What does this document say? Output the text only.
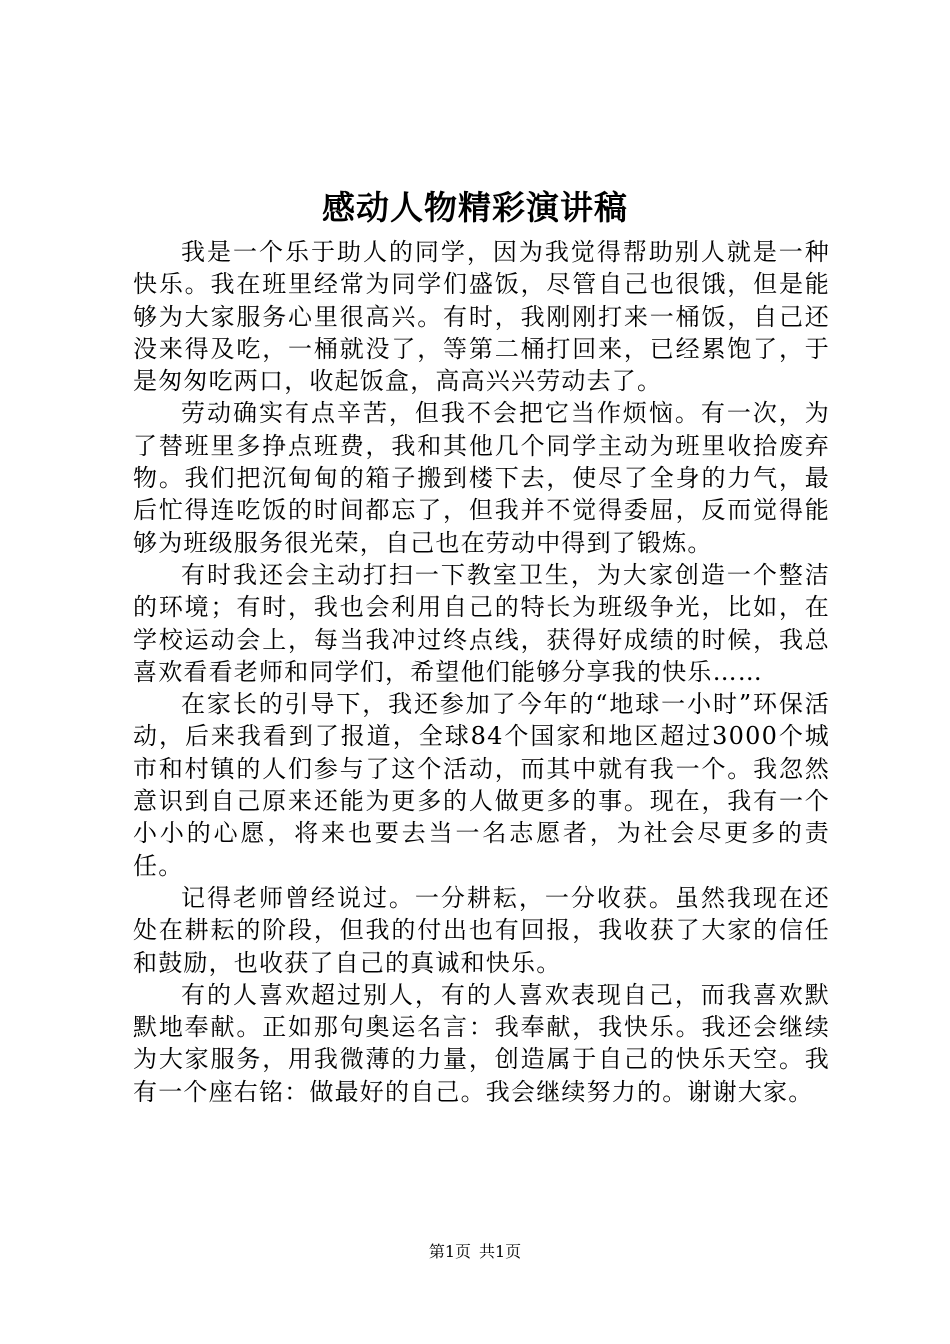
感动人物精彩演讲稿

我是一个乐于助人的同学，因为我觉得帮助别人就是一种快乐。我在班里经常为同学们盛饭，尽管自己也很饿，但是能够为大家服务心里很高兴。有时，我刚刚打来一桶饭，自己还没来得及吃，一桶就没了，等第二桶打回来，已经累饱了，于是匆匆吃两口，收起饭盒，高高兴兴劳动去了。

劳动确实有点辛苦，但我不会把它当作烦恼。有一次，为了替班里多挣点班费，我和其他几个同学主动为班里收拾废弃物。我们把沉甸甸的箱子搬到楼下去，使尽了全身的力气，最后忙得连吃饭的时间都忘了，但我并不觉得委屈，反而觉得能够为班级服务很光荣，自己也在劳动中得到了锻炼。

有时我还会主动打扫一下教室卫生，为大家创造一个整洁的环境；有时，我也会利用自己的特长为班级争光，比如，在学校运动会上，每当我冲过终点线，获得好成绩的时候，我总喜欢看看老师和同学们，希望他们能够分享我的快乐……

在家长的引导下，我还参加了今年的“地球一小时”环保活动，后来我看到了报道，全球84个国家和地区超过3000个城市和村镇的人们参与了这个活动，而其中就有我一个。我忽然意识到自己原来还能为更多的人做更多的事。现在，我有一个小小的心愿，将来也要去当一名志愿者，为社会尽更多的责任。

记得老师曾经说过。一分耕耘，一分收获。虽然我现在还处在耕耘的阶段，但我的付出也有回报，我收获了大家的信任和鼓励，也收获了自己的真诚和快乐。

有的人喜欢超过别人，有的人喜欢表现自己，而我喜欢默默地奉献。正如那句奥运名言：我奉献，我快乐。我还会继续为大家服务，用我微薄的力量，创造属于自己的快乐天空。我有一个座右铭：做最好的自己。我会继续努力的。谢谢大家。

第1页 共1页
